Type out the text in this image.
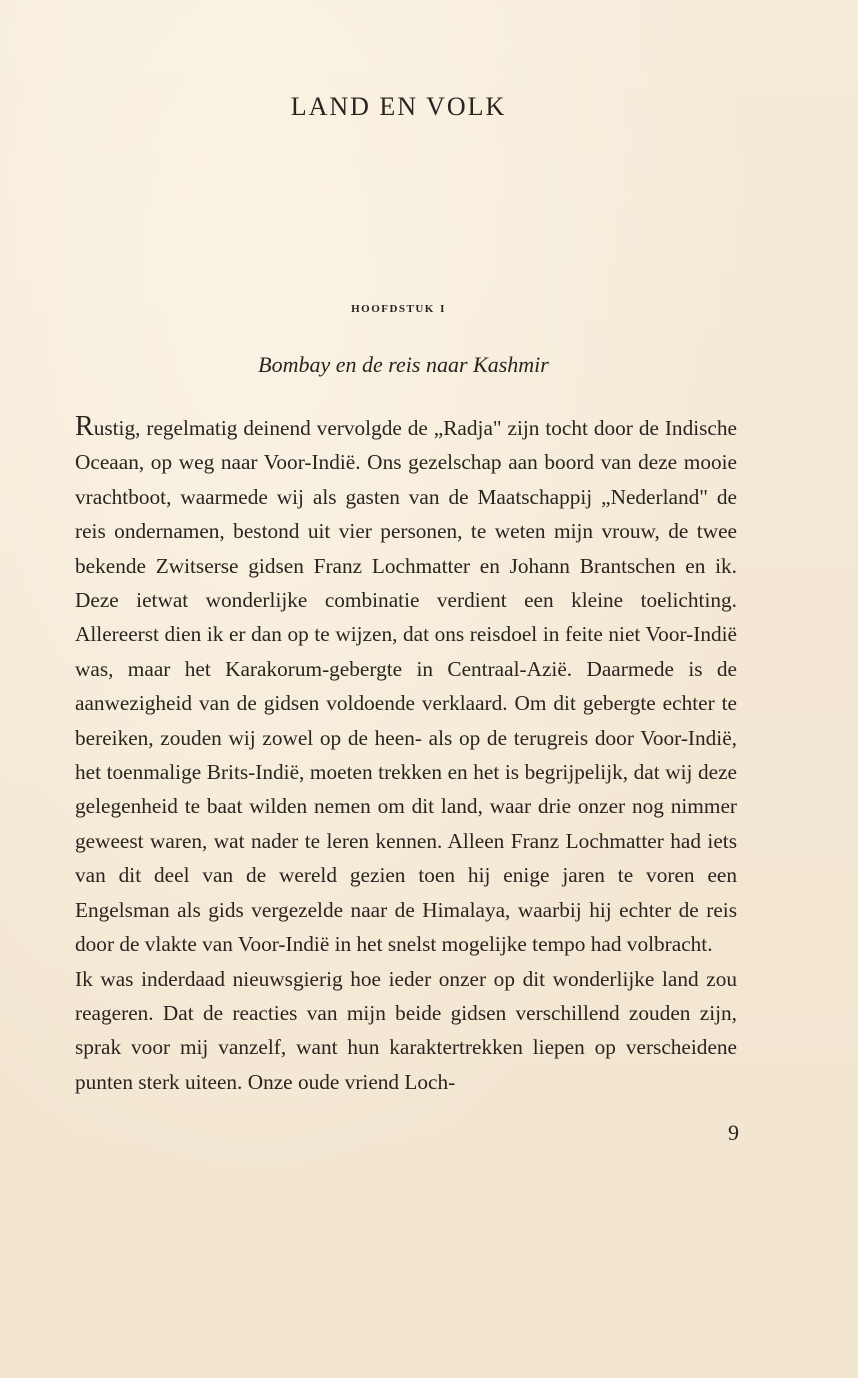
LAND EN VOLK
hoofdstuk i
Bombay en de reis naar Kashmir

Rustig, regelmatig deinend vervolgde de „Radja" zijn tocht door de Indische Oceaan, op weg naar Voor-Indië. Ons gezelschap aan boord van deze mooie vrachtboot, waarmede wij als gasten van de Maatschappij „Nederland" de reis ondernamen, bestond uit vier personen, te weten mijn vrouw, de twee bekende Zwitserse gidsen Franz Lochmatter en Johann Brantschen en ik. Deze ietwat wonderlijke combinatie verdient een kleine toelichting. Allereerst dien ik er dan op te wijzen, dat ons reisdoel in feite niet Voor-Indië was, maar het Karakorum-gebergte in Centraal-Azië. Daarmede is de aanwezigheid van de gidsen voldoende verklaard. Om dit gebergte echter te bereiken, zouden wij zowel op de heen- als op de terugreis door Voor-Indië, het toenmalige Brits-Indië, moeten trekken en het is begrijpelijk, dat wij deze gelegenheid te baat wilden nemen om dit land, waar drie onzer nog nimmer geweest waren, wat nader te leren kennen. Alleen Franz Lochmatter had iets van dit deel van de wereld gezien toen hij enige jaren te voren een Engelsman als gids vergezelde naar de Himalaya, waarbij hij echter de reis door de vlakte van Voor-Indië in het snelst mogelijke tempo had volbracht.

Ik was inderdaad nieuwsgierig hoe ieder onzer op dit wonderlijke land zou reageren. Dat de reacties van mijn beide gidsen verschillend zouden zijn, sprak voor mij vanzelf, want hun karaktertrekken liepen op verscheidene punten sterk uiteen. Onze oude vriend Loch-

9
